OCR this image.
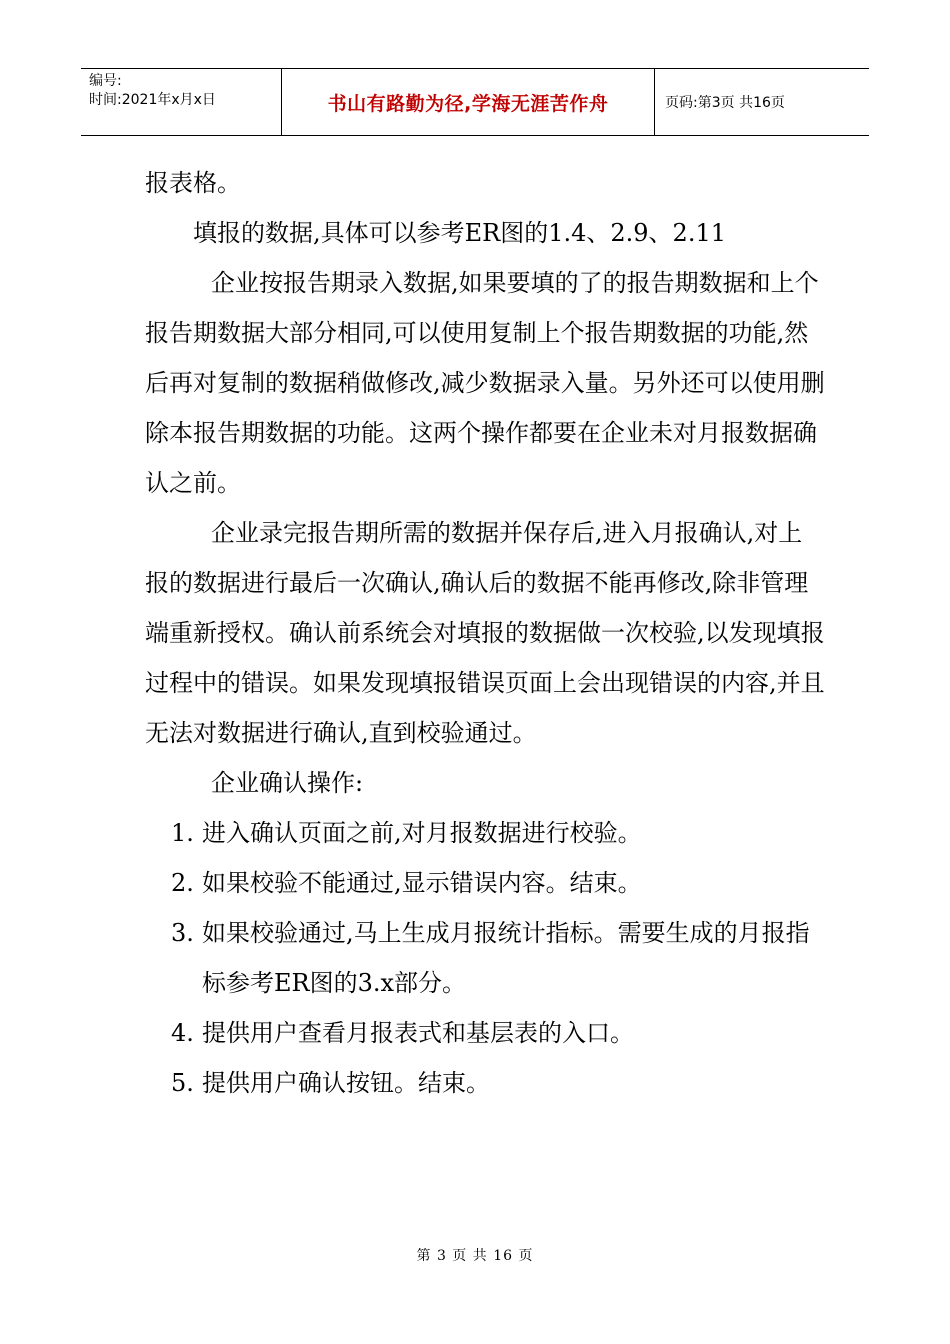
编号:
时间:2021年x月x日	书山有路勤为径,学海无涯苦作舟	页码:第3页 共16页

报表格。

填报的数据,具体可以参考ER图的1.4、2.9、2.11

企业按报告期录入数据,如果要填的了的报告期数据和上个报告期数据大部分相同,可以使用复制上个报告期数据的功能,然后再对复制的数据稍做修改,减少数据录入量。另外还可以使用删除本报告期数据的功能。这两个操作都要在企业未对月报数据确认之前。

企业录完报告期所需的数据并保存后,进入月报确认,对上报的数据进行最后一次确认,确认后的数据不能再修改,除非管理端重新授权。确认前系统会对填报的数据做一次校验,以发现填报过程中的错误。如果发现填报错误页面上会出现错误的内容,并且无法对数据进行确认,直到校验通过。

企业确认操作:

1. 进入确认页面之前,对月报数据进行校验。
2. 如果校验不能通过,显示错误内容。结束。
3. 如果校验通过,马上生成月报统计指标。需要生成的月报指标参考ER图的3.x部分。
4. 提供用户查看月报表式和基层表的入口。
5. 提供用户确认按钮。结束。
第 3 页 共 16 页
